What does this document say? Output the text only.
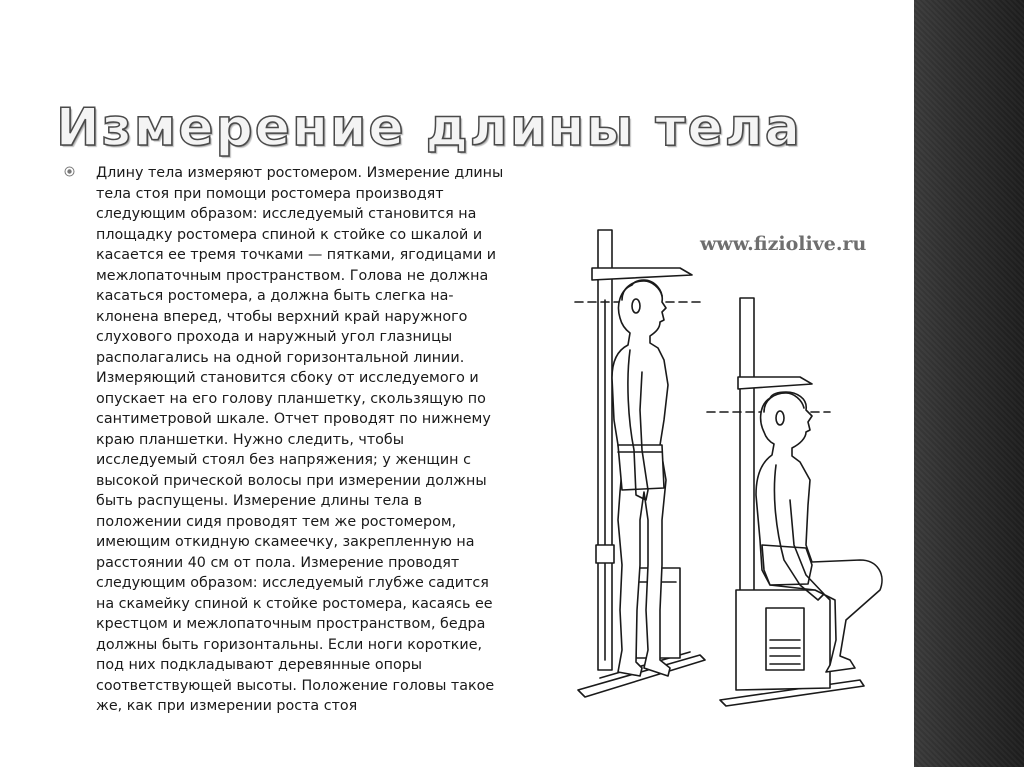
Измерение длины тела

Длину тела измеряют ростомером. Измерение длины
тела стоя при помощи ростомера производят
следующим образом: исследуемый становится на
площадку ростомера спиной к стойке со шкалой и
касается ее тремя точками — пятками, ягодицами и
межлопаточным пространством. Голова не должна
касаться ростомера, а должна быть слегка на-
клонена вперед, чтобы верхний край наружного
слухового прохода и наружный угол глазницы
располагались на одной горизонтальной линии.
Измеряющий становится сбоку от исследуемого и
опускает на его голову планшетку, скользящую по
сантиметровой шкале. Отчет проводят по нижнему
краю планшетки. Нужно следить, чтобы
исследуемый стоял без напряжения; у женщин с
высокой прической волосы при измерении должны
быть распущены. Измерение длины тела в
положении сидя проводят тем же ростомером,
имеющим откидную скамеечку, закрепленную на
расстоянии 40 см от пола. Измерение проводят
следующим образом: исследуемый глубже садится
на скамейку спиной к стойке ростомера, касаясь ее
крестцом и межлопаточным пространством, бедра
должны быть горизонтальны. Если ноги короткие,
под них подкладывают деревянные опоры
соответствующей высоты. Положение головы такое
же, как при измерении роста стоя

www.fiziolive.ru
